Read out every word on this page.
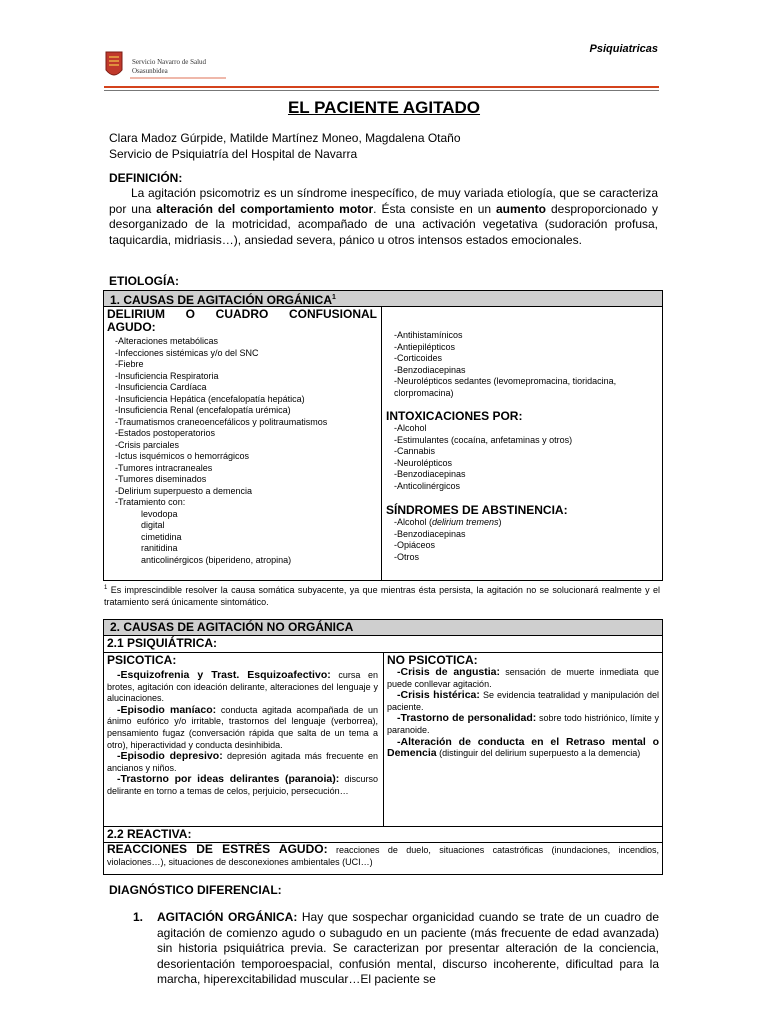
Psiquiatricas
Servicio Navarro de Salud
Osasunbidea
EL PACIENTE AGITADO
Clara Madoz Gúrpide, Matilde Martínez Moneo, Magdalena Otaño
Servicio de Psiquiatría del Hospital de Navarra
DEFINICIÓN:
La agitación psicomotriz es un síndrome inespecífico, de muy variada etiología, que se caracteriza por una alteración del comportamiento motor. Ésta consiste en un aumento desproporcionado y desorganizado de la motricidad, acompañado de una activación vegetativa (sudoración profusa, taquicardia, midriasis…), ansiedad severa, pánico u otros intensos estados emocionales.
ETIOLOGÍA:
1. CAUSAS DE AGITACIÓN ORGÁNICA$^1$
DELIRIUM  O  CUADRO  CONFUSIONAL
AGUDO:
-Alteraciones metabólicas
-Infecciones sistémicas y/o del SNC
-Fiebre
-Insuficiencia Respiratoria
-Insuficiencia Cardíaca
-Insuficiencia Hepática (encefalopatía hepática)
-Insuficiencia Renal (encefalopatía urémica)
-Traumatismos craneoencefálicos y politraumatismos
-Estados postoperatorios
-Crisis parciales
-Ictus isquémicos o hemorrágicos
-Tumores intracraneales
-Tumores diseminados
-Delirium superpuesto a demencia
-Tratamiento con:
levodopa
digital
cimetidina
ranitidina
anticolinérgicos (biperideno, atropina)
-Antihistamínicos
-Antiepilépticos
-Corticoides
-Benzodiacepinas
-Neurolépticos sedantes (levomepromacina, tioridacina, clorpromacina)
INTOXICACIONES POR:
-Alcohol
-Estimulantes (cocaína, anfetaminas y otros)
-Cannabis
-Neurolépticos
-Benzodiacepinas
-Anticolinérgicos
SÍNDROMES DE ABSTINENCIA:
-Alcohol (delirium tremens)
-Benzodiacepinas
-Opiáceos
-Otros
$^1$ Es imprescindible resolver la causa somática subyacente, ya que mientras ésta persista, la agitación no se solucionará realmente y el tratamiento será únicamente sintomático.
2. CAUSAS DE AGITACIÓN NO ORGÁNICA
2.1 PSIQUIÁTRICA:
PSICOTICA:

-Esquizofrenia y Trast. Esquizoafectivo: cursa en brotes, agitación con ideación delirante, alteraciones del lenguaje y alucinaciones.

-Episodio maníaco: conducta agitada acompañada de un ánimo eufórico y/o irritable, trastornos del lenguaje (verborrea), pensamiento fugaz (conversación rápida que salta de un tema a otro), hiperactividad y conducta desinhibida.

-Episodio depresivo: depresión agitada más frecuente en ancianos y niños.

-Trastorno por ideas delirantes (paranoia): discurso delirante en torno a temas de celos, perjuicio, persecución…

NO PSICOTICA:

-Crisis de angustia: sensación de muerte inmediata que puede conllevar agitación.

-Crisis histérica: Se evidencia teatralidad y manipulación del paciente.

-Trastorno de personalidad: sobre todo histriónico, límite y paranoide.

-Alteración de conducta en el Retraso mental o Demencia (distinguir del delirium superpuesto a la demencia)

2.2 REACTIVA:

REACCIONES DE ESTRÉS AGUDO: reacciones de duelo, situaciones catastróficas (inundaciones, incendios, violaciones…), situaciones de desconexiones ambientales (UCI…)

DIAGNÓSTICO DIFERENCIAL:
1.	AGITACIÓN ORGÁNICA: Hay que sospechar organicidad cuando se trate de un cuadro de agitación de comienzo agudo o subagudo en un paciente (más frecuente de edad avanzada) sin historia psiquiátrica previa. Se caracterizan por presentar alteración de la conciencia, desorientación temporoespacial, confusión mental, discurso incoherente, dificultad para la marcha, hiperexcitabilidad muscular…El paciente se
